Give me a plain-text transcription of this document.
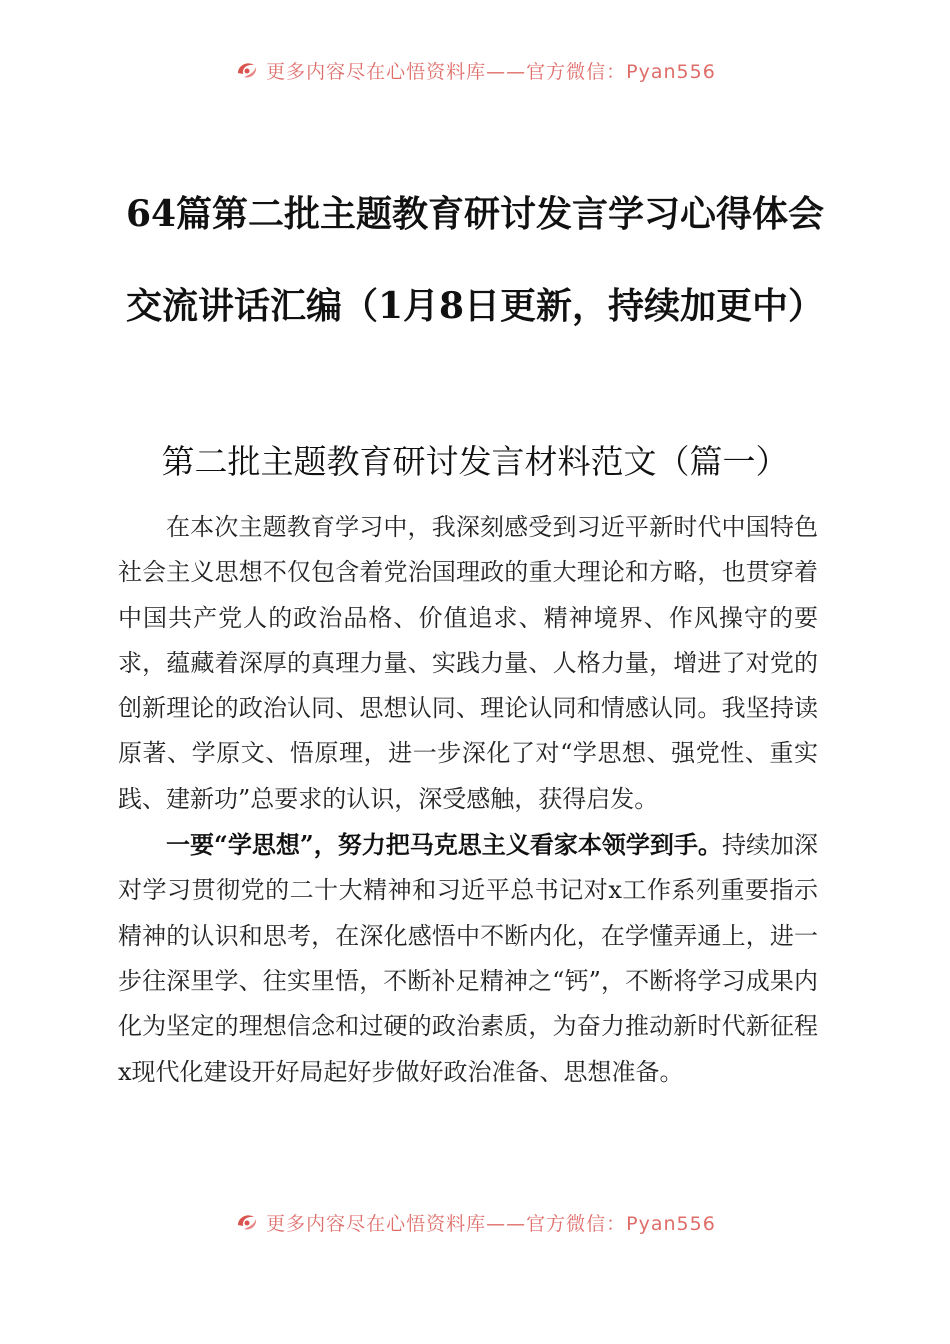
更多内容尽在心悟资料库——官方微信：Pyan556
64篇第二批主题教育研讨发言学习心得体会
交流讲话汇编（1月8日更新，持续加更中）
第二批主题教育研讨发言材料范文（篇一）

在本次主题教育学习中，我深刻感受到习近平新时代中国特色社会主义思想不仅包含着党治国理政的重大理论和方略，也贯穿着中国共产党人的政治品格、价值追求、精神境界、作风操守的要求，蕴藏着深厚的真理力量、实践力量、人格力量，增进了对党的创新理论的政治认同、思想认同、理论认同和情感认同。我坚持读原著、学原文、悟原理，进一步深化了对“学思想、强党性、重实践、建新功”总要求的认识，深受感触，获得启发。

一要“学思想”，努力把马克思主义看家本领学到手。持续加深对学习贯彻党的二十大精神和习近平总书记对x工作系列重要指示精神的认识和思考，在深化感悟中不断内化，在学懂弄通上，进一步往深里学、往实里悟，不断补足精神之“钙”，不断将学习成果内化为坚定的理想信念和过硬的政治素质，为奋力推动新时代新征程x现代化建设开好局起好步做好政治准备、思想准备。

更多内容尽在心悟资料库——官方微信：Pyan556
